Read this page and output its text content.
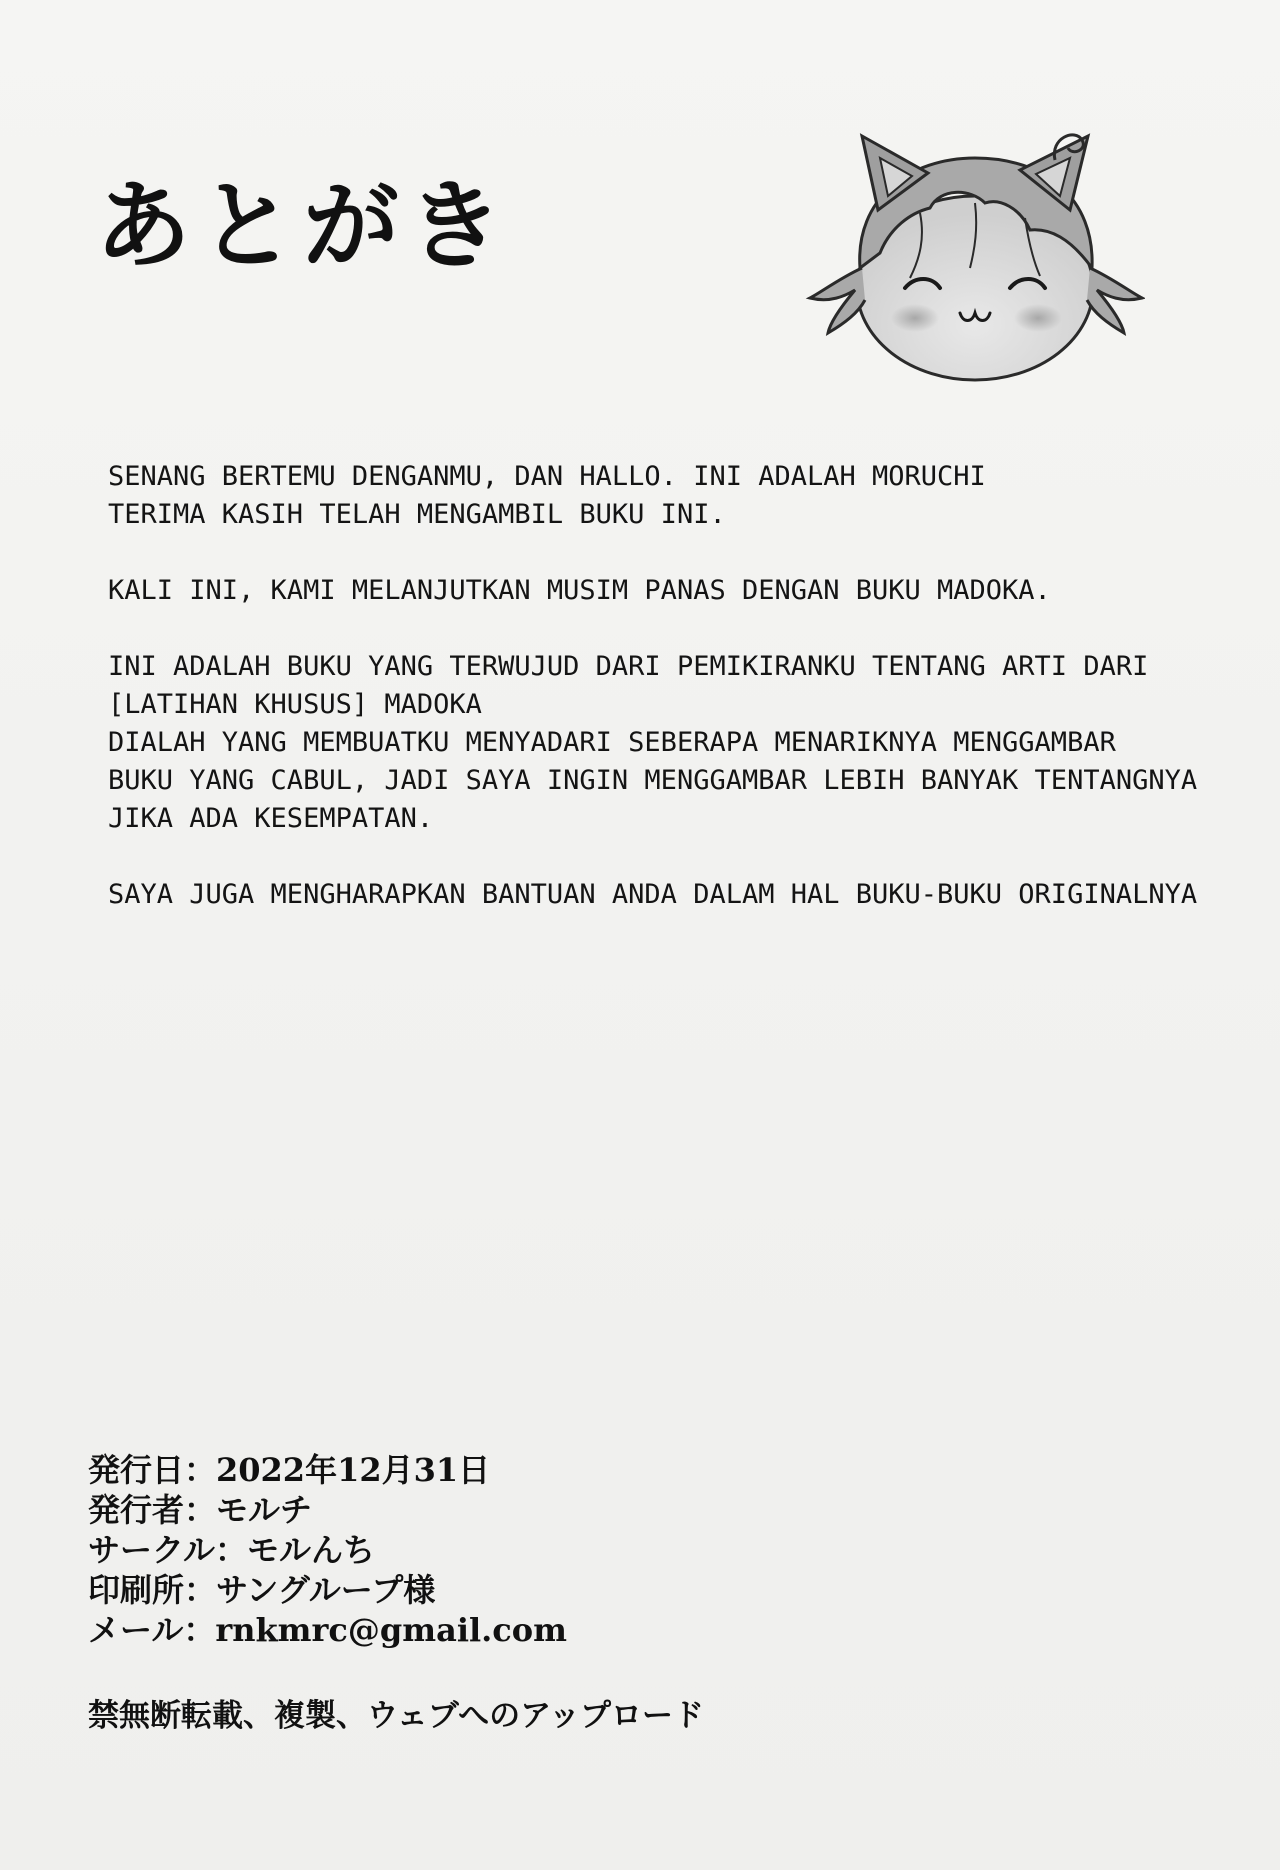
あとがき

SENANG BERTEMU DENGANMU, DAN HALLO. INI ADALAH MORUCHI
TERIMA KASIH TELAH MENGAMBIL BUKU INI.

KALI INI, KAMI MELANJUTKAN MUSIM PANAS DENGAN BUKU MADOKA.

INI ADALAH BUKU YANG TERWUJUD DARI PEMIKIRANKU TENTANG ARTI DARI
[LATIHAN KHUSUS] MADOKA
DIALAH YANG MEMBUATKU MENYADARI SEBERAPA MENARIKNYA MENGGAMBAR
BUKU YANG CABUL, JADI SAYA INGIN MENGGAMBAR LEBIH BANYAK TENTANGNYA
JIKA ADA KESEMPATAN.

SAYA JUGA MENGHARAPKAN BANTUAN ANDA DALAM HAL BUKU-BUKU ORIGINALNYA

発行日：2022年12月31日
発行者：モルチ
サークル：モルんち
印刷所：サングループ様
メール：rnkmrc@gmail.com
禁無断転載、複製、ウェブへのアップロード
